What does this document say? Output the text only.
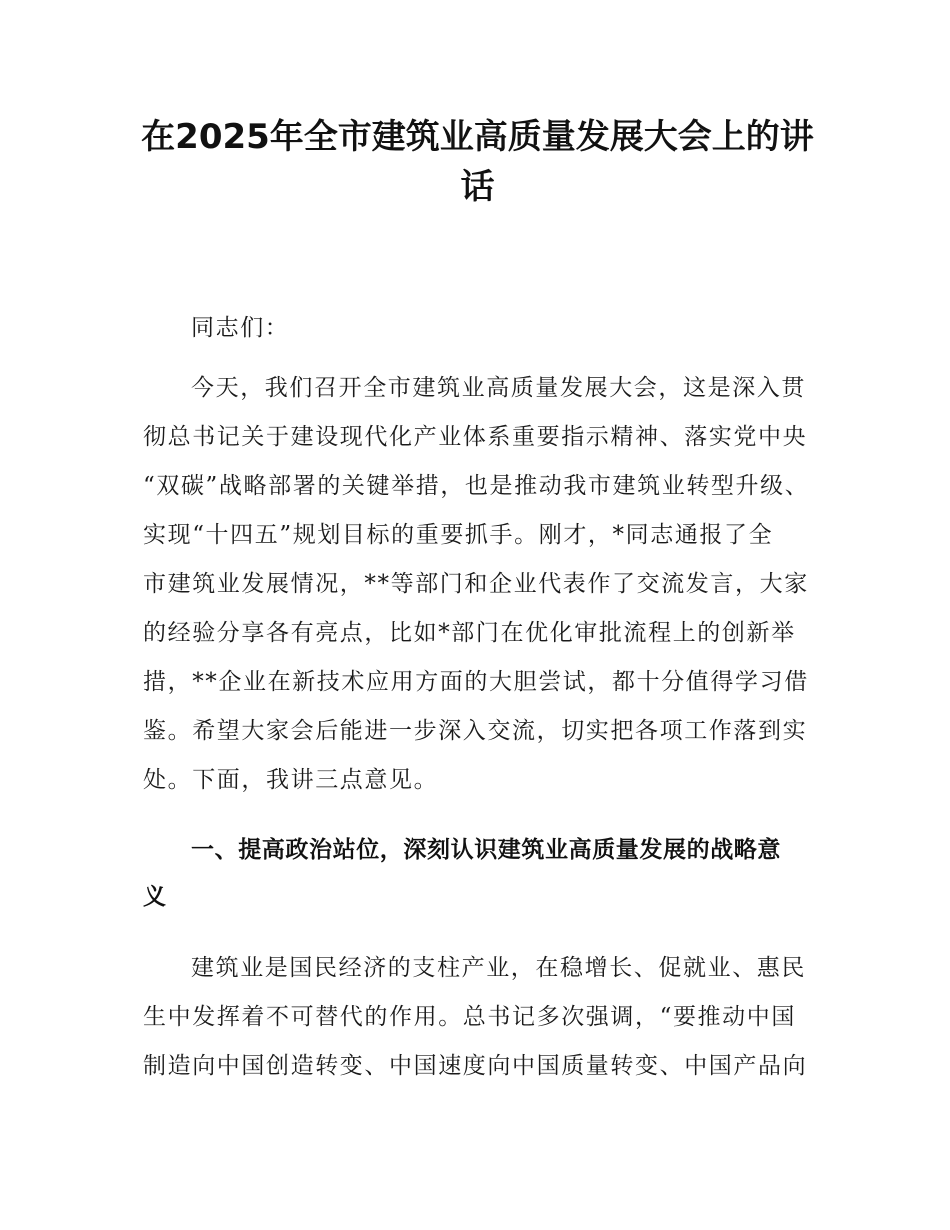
在2025年全市建筑业高质量发展大会上的讲
话

同志们：

今天，我们召开全市建筑业高质量发展大会，这是深入贯
彻总书记关于建设现代化产业体系重要指示精神、落实党中央
“双碳”战略部署的关键举措，也是推动我市建筑业转型升级、
实现“十四五”规划目标的重要抓手。刚才，*同志通报了全
市建筑业发展情况，**等部门和企业代表作了交流发言，大家
的经验分享各有亮点，比如*部门在优化审批流程上的创新举
措，**企业在新技术应用方面的大胆尝试，都十分值得学习借
鉴。希望大家会后能进一步深入交流，切实把各项工作落到实
处。下面，我讲三点意见。

一、提高政治站位，深刻认识建筑业高质量发展的战略意
义

建筑业是国民经济的支柱产业，在稳增长、促就业、惠民
生中发挥着不可替代的作用。总书记多次强调，“要推动中国
制造向中国创造转变、中国速度向中国质量转变、中国产品向
